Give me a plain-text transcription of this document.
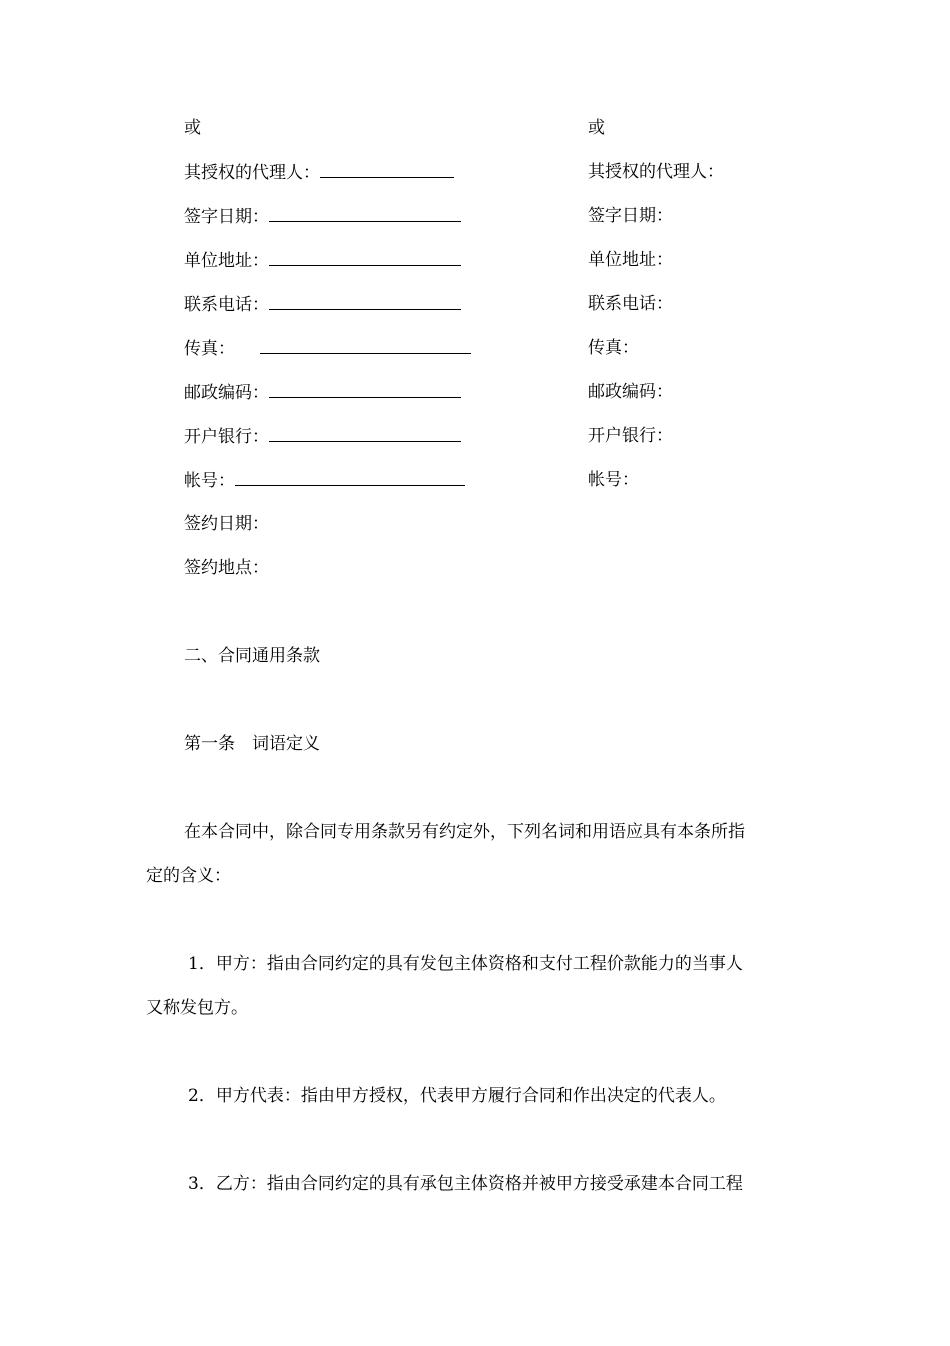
或
其授权的代理人：
签字日期：
单位地址：
联系电话：
传真：
邮政编码：
开户银行：
帐号：
签约日期：
签约地点：
或
其授权的代理人：
签字日期：
单位地址：
联系电话：
传真：
邮政编码：
开户银行：
帐号：
二、合同通用条款
第一条　词语定义
在本合同中，除合同专用条款另有约定外，下列名词和用语应具有本条所指
定的含义：
1．甲方：指由合同约定的具有发包主体资格和支付工程价款能力的当事人
又称发包方。
2．甲方代表：指由甲方授权，代表甲方履行合同和作出决定的代表人。
3．乙方：指由合同约定的具有承包主体资格并被甲方接受承建本合同工程
